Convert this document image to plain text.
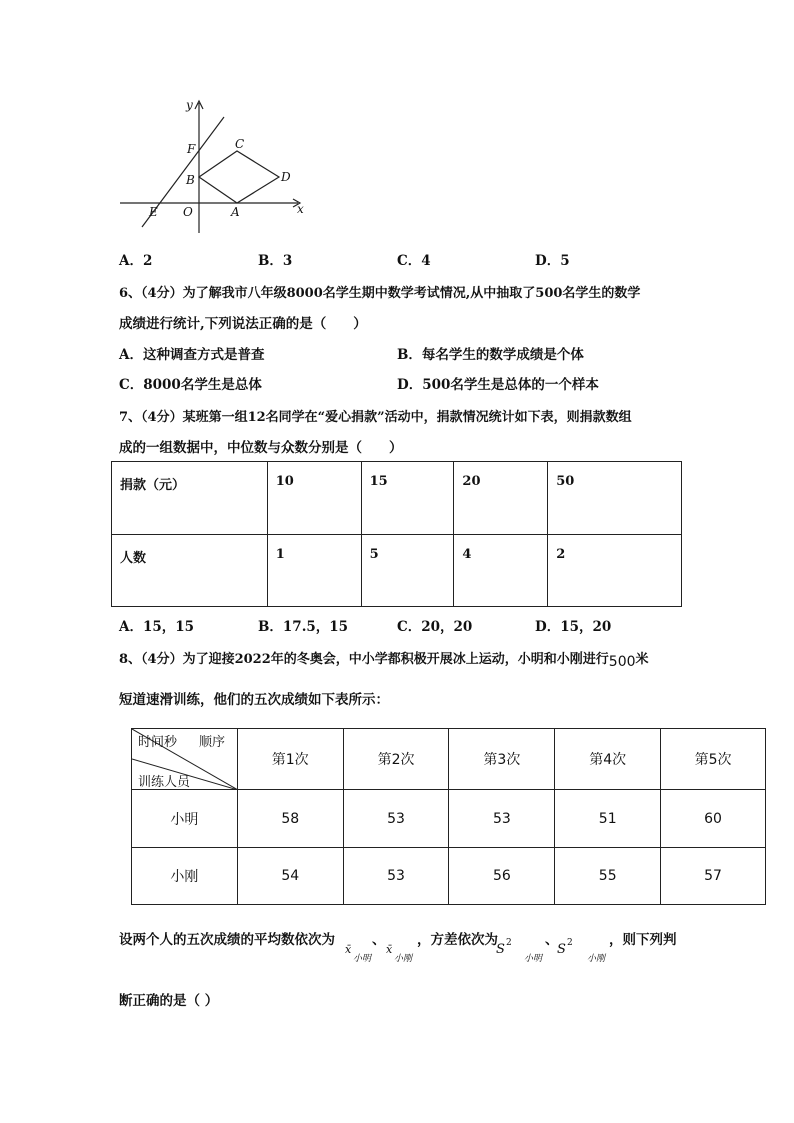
y
x
F	C
B	D
E O	A
A．2	B．3	C．4	D．5
6、（4分）为了解我市八年级8000名学生期中数学考试情况,从中抽取了500名学生的数学
成绩进行统计,下列说法正确的是（　　）
A．这种调查方式是普查	B．每名学生的数学成绩是个体
C．8000名学生是总体	D．500名学生是总体的一个样本
7、（4分）某班第一组12名同学在“爱心捐款”活动中，捐款情况统计如下表，则捐款数组
成的一组数据中，中位数与众数分别是（　　）
捐款（元）	10	15	20	50
人数	1	5	4	2
A．15，15	B．17.5，15	C．20，20	D．15，20
8、（4分）为了迎接2022年的冬奥会，中小学都积极开展冰上运动，小明和小刚进行500米
短道速滑训练，他们的五次成绩如下表所示：
时间秒 顺序
训练人员	第1次	第2次	第3次	第4次	第5次
小明	58	53	53	51	60
小刚	54	53	56	55	57
设两个人的五次成绩的平均数依次为	、 ，方差依次为	、	，则下列判
x̄
小明
x̄
小刚
S 2
小明
S 2
小刚
断正确的是（ ）
